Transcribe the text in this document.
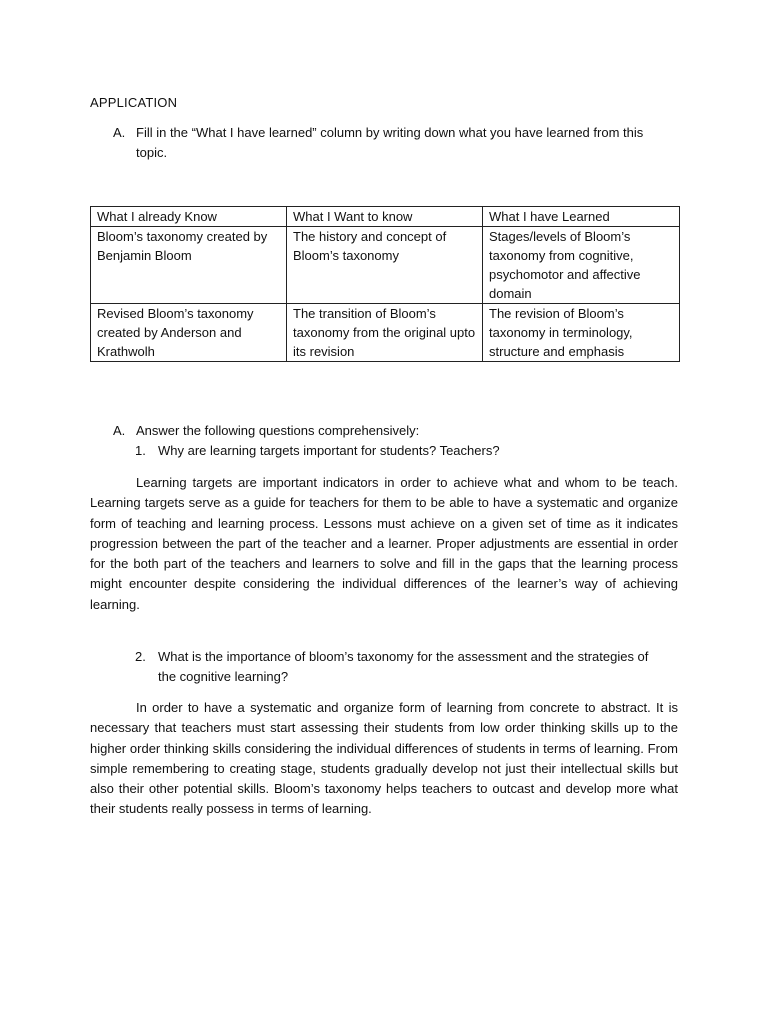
APPLICATION
A. Fill in the “What I have learned” column by writing down what you have learned from this topic.
What I already Know	What I Want to know	What I have Learned
Bloom’s taxonomy created by Benjamin Bloom	The history and concept of Bloom’s taxonomy	Stages/levels of Bloom’s taxonomy from cognitive, psychomotor and affective domain
Revised Bloom’s taxonomy created by Anderson and Krathwolh	The transition of Bloom’s taxonomy from the original upto its revision	The revision of Bloom’s taxonomy in terminology, structure and emphasis
A. Answer the following questions comprehensively:
1. Why are learning targets important for students? Teachers?

Learning targets are important indicators in order to achieve what and whom to be teach. Learning targets serve as a guide for teachers for them to be able to have a systematic and organize form of teaching and learning process. Lessons must achieve on a given set of time as it indicates progression between the part of the teacher and a learner. Proper adjustments are essential in order for the both part of the teachers and learners to solve and fill in the gaps that the learning process might encounter despite considering the individual differences of the learner’s way of achieving learning.

2. What is the importance of bloom’s taxonomy for the assessment and the strategies of the cognitive learning?

In order to have a systematic and organize form of learning from concrete to abstract. It is necessary that teachers must start assessing their students from low order thinking skills up to the higher order thinking skills considering the individual differences of students in terms of learning. From simple remembering to creating stage, students gradually develop not just their intellectual skills but also their other potential skills. Bloom’s taxonomy helps teachers to outcast and develop more what their students really possess in terms of learning.
